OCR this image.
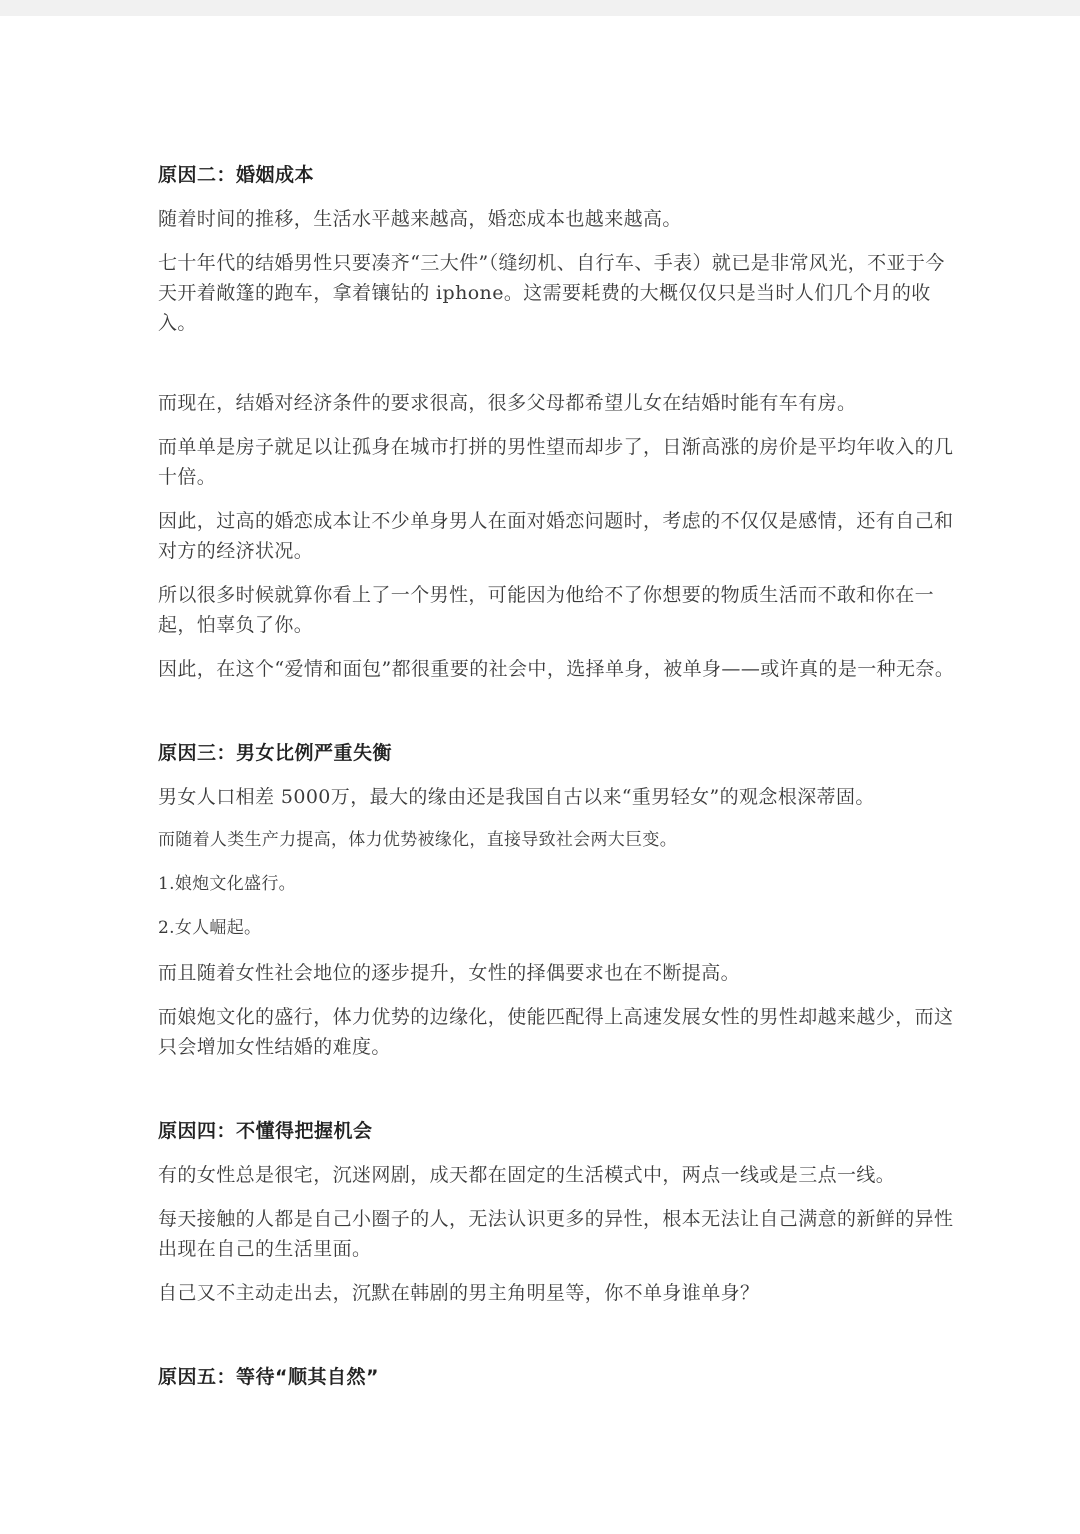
原因二：婚姻成本

随着时间的推移，生活水平越来越高，婚恋成本也越来越高。

七十年代的结婚男性只要凑齐“三大件”（缝纫机、自行车、手表）就已是非常风光，不亚于今天开着敞篷的跑车，拿着镶钻的 iphone。这需要耗费的大概仅仅只是当时人们几个月的收入。

而现在，结婚对经济条件的要求很高，很多父母都希望儿女在结婚时能有车有房。

而单单是房子就足以让孤身在城市打拼的男性望而却步了，日渐高涨的房价是平均年收入的几十倍。

因此，过高的婚恋成本让不少单身男人在面对婚恋问题时，考虑的不仅仅是感情，还有自己和对方的经济状况。

所以很多时候就算你看上了一个男性，可能因为他给不了你想要的物质生活而不敢和你在一起，怕辜负了你。

因此，在这个“爱情和面包”都很重要的社会中，选择单身，被单身——或许真的是一种无奈。

原因三：男女比例严重失衡

男女人口相差 5000万，最大的缘由还是我国自古以来“重男轻女”的观念根深蒂固。

而随着人类生产力提高，体力优势被缘化，直接导致社会两大巨变。

1.娘炮文化盛行。

2.女人崛起。

而且随着女性社会地位的逐步提升，女性的择偶要求也在不断提高。

而娘炮文化的盛行，体力优势的边缘化，使能匹配得上高速发展女性的男性却越来越少，而这只会增加女性结婚的难度。

原因四：不懂得把握机会

有的女性总是很宅，沉迷网剧，成天都在固定的生活模式中，两点一线或是三点一线。

每天接触的人都是自己小圈子的人，无法认识更多的异性，根本无法让自己满意的新鲜的异性出现在自己的生活里面。

自己又不主动走出去，沉默在韩剧的男主角明星等，你不单身谁单身？

原因五：等待“顺其自然”
